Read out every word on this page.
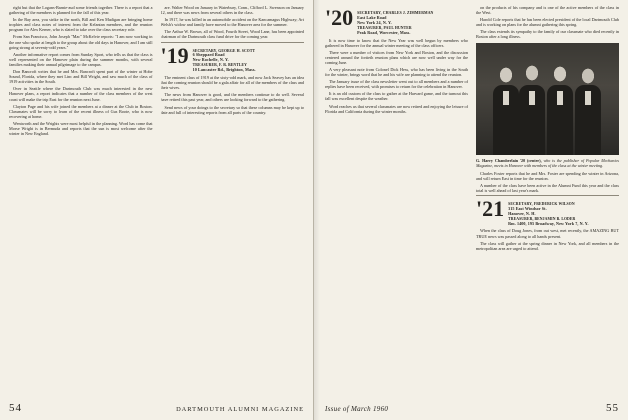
right but that the Logans-Barnie-aud some friends together. There is a report that a gathering of the members is planned for the fall of this year.

In the Bay area, you strike in the north, Bill and Ken Madigan are bringing home trophies and class notes of interest from the Kelantan members, and the reunion program for Alex Kerner, who is slated to take over the class secretary role.

From San Francisco, John Joseph "Mac" McKelvie reports: "I am now working in the one who spoke at length to the group about the old days in Hanover, and I am still going strong at seventy-odd years."

Another informative report comes from Sunday Sport, who tells us that the class is well represented on the Hanover plain during the summer months, with several families making their annual pilgrimage to the campus.

Don Bancroft writes that he and Mrs. Bancroft spent part of the winter at Hobe Sound, Florida, where they met Linc and Bill Wright, and saw much of the class of 1919 activities in the South.

Over in Seattle where the Dartmouth Club was much interested in the new Hanover plans, a report indicates that a number of the class members of the west coast will make the trip East for the reunion next June.

Clayton Page and his wife joined the members at a dinner at the Club in Boston. Classmates will be sorry to learn of the recent illness of Gus Boote, who is now recovering at home.

Wentworth and the Wrights were most helpful in the planning. Word has come that Morse Wright is in Bermuda and reports that the sun is most welcome after the winter in New England.

are. Walter Wood on January in Waterbury, Conn., Clifford L. Swenson on January 12, and there was news from several others in the class.

In 1917, he was killed in an automobile accident on the Kancamagus Highway; Art Welsh's widow and family have moved to the Hanover area for the summer.

The Arthur W. Brown, all of Wood, Fourth Street, Wood Lane, has been appointed chairman of the Dartmouth class fund drive for the coming year.

'19 SECRETARY, GEORGE H. SCOTT
6 Sheppard Road
New Rochelle, N. Y.
TREASURER, F. R. BENTLEY
10 Lancaster Rd., Brighton, Mass.

The eminent class of 1919 at the sixty-odd mark, and now Jack Seavey has an idea that the coming reunion should be a gala affair for all of the members of the class and their wives.

The news from Hanover is good, and the members continue to do well. Several have retired this past year, and others are looking forward to the gathering.

Send news of your doings to the secretary so that these columns may be kept up to date and full of interesting reports from all parts of the country.

54	DARTMOUTH ALUMNI MAGAZINE
'20 SECRETARY, CHARLES J. ZIMMERMAN
East Lake Road
New York 24, N. Y.
TREASURER, PAUL HUNTER
Peak Road, Worcester, Mass.

It is now time to know that the New Year was well begun by members who gathered in Hanover for the annual winter meeting of the class officers.

There were a number of visitors from New York and Boston, and the discussion centered around the fortieth reunion plans which are now well under way for the coming June.

A very pleasant note from Colonel Dick Hess, who has been living in the South for the winter, brings word that he and his wife are planning to attend the reunion.

The January issue of the class newsletter went out to all members and a number of replies have been received, with promises to return for the celebration in Hanover.

It is an old custom of the class to gather at the Harvard game, and the turnout this fall was excellent despite the weather.

Word reaches us that several classmates are now retired and enjoying the leisure of Florida and California during the winter months.

on the products of his company and is one of the active members of the class in the West.

Harold Cole reports that he has been elected president of the local Dartmouth Club and is working on plans for the alumni gathering this spring.

The class extends its sympathy to the family of our classmate who died recently in Boston after a long illness.

G. Harry Chamberlain '20 (center), who is the publisher of Popular Mechanics Magazine, meets in Hanover with members of the class at the winter meeting.

Charles Foster reports that he and Mrs. Foster are spending the winter in Arizona, and will return East in time for the reunion.

A number of the class have been active in the Alumni Fund this year and the class total is well ahead of last year's mark.

'21 SECRETARY, FREDERICK WILSON
315 East Windsor St.
Hanover, N. H.
TREASURER, BENJAMIN B. LODER
Rm. 1400, 195 Broadway, New York 7, N. Y.

When the class of Doug Jones, from out west, met recently, the AMAZING BUT TRUE news was passed along to all hands present.

The class will gather at the spring dinner in New York, and all members in the metropolitan area are urged to attend.

Issue of March 1960	55
